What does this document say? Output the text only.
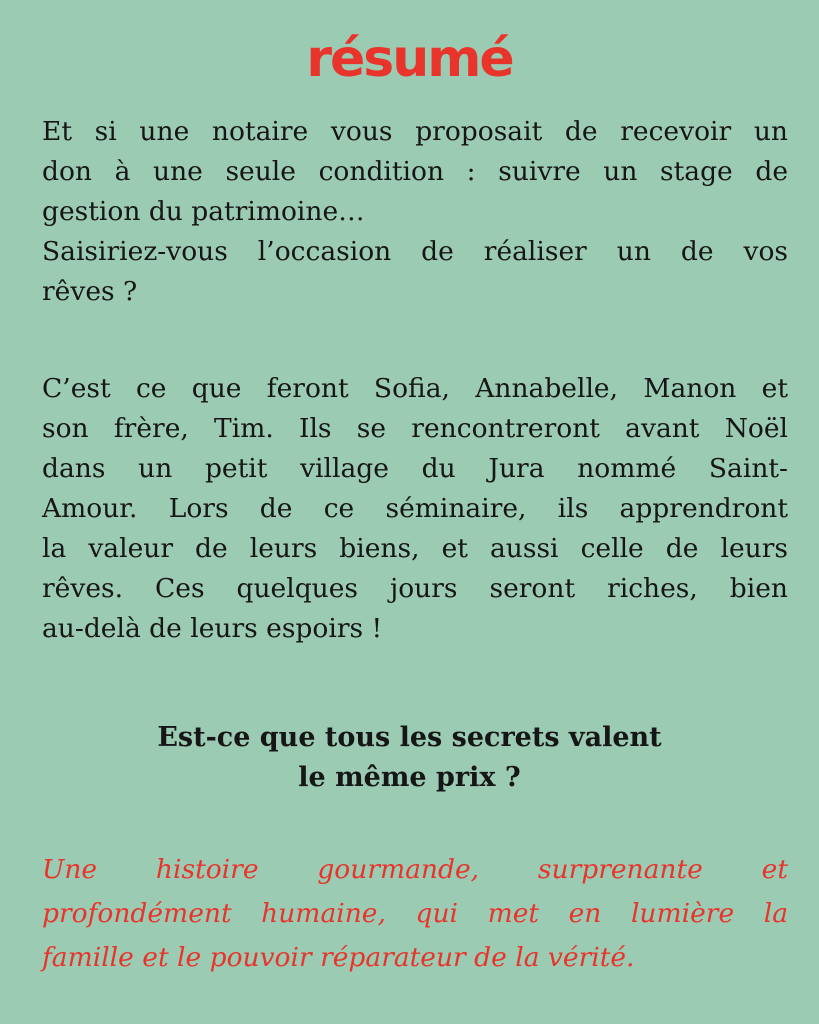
résumé
Et si une notaire vous proposait de recevoir un
don à une seule condition : suivre un stage de
gestion du patrimoine…
Saisiriez-vous l’occasion de réaliser un de vos
rêves ?
C’est ce que feront Sofia, Annabelle, Manon et
son frère, Tim. Ils se rencontreront avant Noël
dans un petit village du Jura nommé Saint-
Amour. Lors de ce séminaire, ils apprendront
la valeur de leurs biens, et aussi celle de leurs
rêves. Ces quelques jours seront riches, bien
au-delà de leurs espoirs !
Est-ce que tous les secrets valent
le même prix ?
Une histoire gourmande, surprenante et
profondément humaine, qui met en lumière la
famille et le pouvoir réparateur de la vérité.
